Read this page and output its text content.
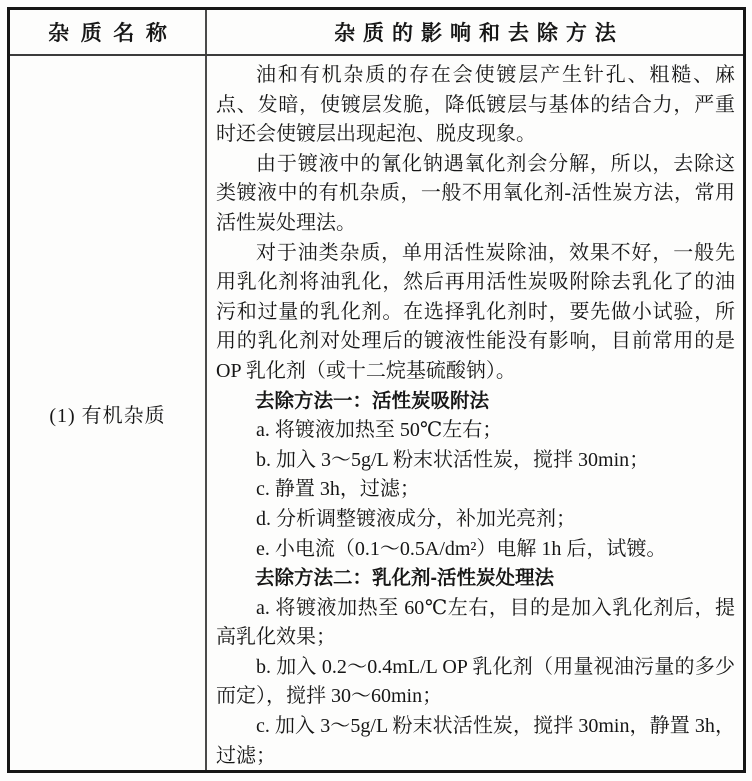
杂质名称	杂质的影响和去除方法
(1) 有机杂质

油和有机杂质的存在会使镀层产生针孔、粗糙、麻点、发暗，使镀层发脆，降低镀层与基体的结合力，严重时还会使镀层出现起泡、脱皮现象。

由于镀液中的氰化钠遇氧化剂会分解，所以，去除这类镀液中的有机杂质，一般不用氧化剂-活性炭方法，常用活性炭处理法。

对于油类杂质，单用活性炭除油，效果不好，一般先用乳化剂将油乳化，然后再用活性炭吸附除去乳化了的油污和过量的乳化剂。在选择乳化剂时，要先做小试验，所用的乳化剂对处理后的镀液性能没有影响，目前常用的是 OP 乳化剂（或十二烷基硫酸钠）。

去除方法一：活性炭吸附法

a. 将镀液加热至 50℃左右；

b. 加入 3～5g/L 粉末状活性炭，搅拌 30min；

c. 静置 3h，过滤；

d. 分析调整镀液成分，补加光亮剂；

e. 小电流（0.1～0.5A/dm²）电解 1h 后，试镀。

去除方法二：乳化剂-活性炭处理法

a. 将镀液加热至 60℃左右，目的是加入乳化剂后，提高乳化效果；

b. 加入 0.2～0.4mL/L OP 乳化剂（用量视油污量的多少而定），搅拌 30～60min；

c. 加入 3～5g/L 粉末状活性炭，搅拌 30min，静置 3h，过滤；
